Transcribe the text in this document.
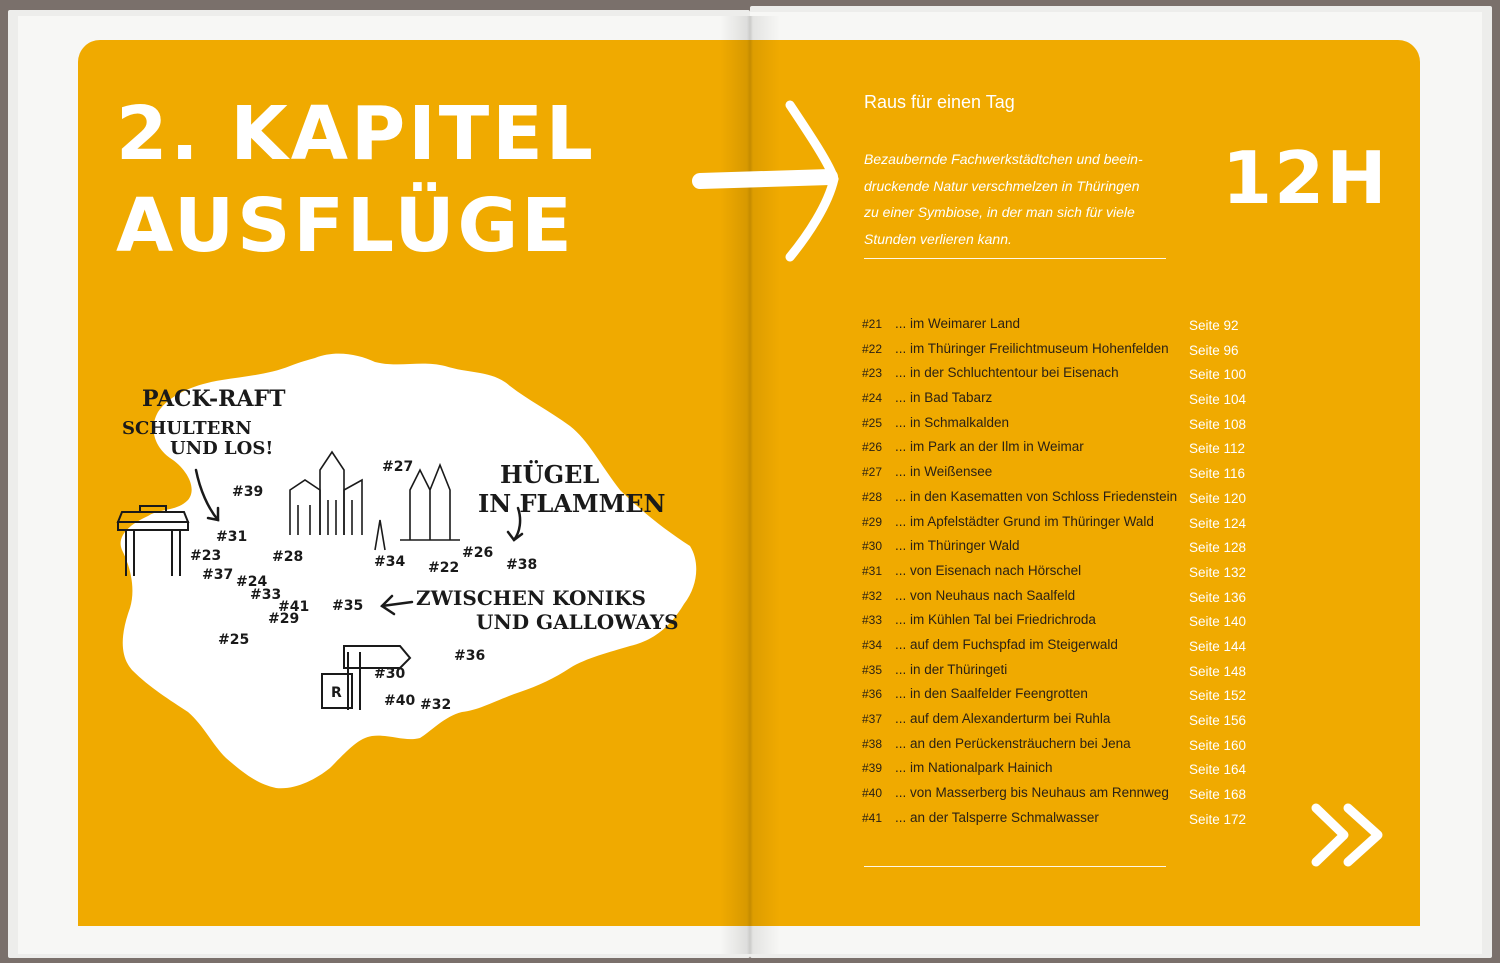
2. KAPITEL
AUSFLÜGE
R
PACK-RAFT
SCHULTERN
UND LOS!
HÜGEL
IN FLAMMEN
ZWISCHEN KONIKS
UND GALLOWAYS
#39
#31
#23
#37 #24
#33
#41
#29
#25
#28
#27
#34 #22
#26
#38
#35
#36
#30
#40 #32
Raus für einen Tag
Bezaubernde Fachwerkstädtchen und beein-
druckende Natur verschmelzen in Thüringen
zu einer Symbiose, in der man sich für viele
Stunden verlieren kann.
12H
#21 ... im Weimarer Land	Seite 92
#22 ... im Thüringer Freilichtmuseum Hohenfelden Seite 96
#23 ... in der Schluchtentour bei Eisenach	Seite 100
#24 ... in Bad Tabarz	Seite 104
#25 ... in Schmalkalden	Seite 108
#26 ... im Park an der Ilm in Weimar	Seite 112
#27 ... in Weißensee	Seite 116
#28 ... in den Kasematten von Schloss Friedenstein Seite 120
#29 ... im Apfelstädter Grund im Thüringer Wald	Seite 124
#30 ... im Thüringer Wald	Seite 128
#31 ... von Eisenach nach Hörschel	Seite 132
#32 ... von Neuhaus nach Saalfeld	Seite 136
#33 ... im Kühlen Tal bei Friedrichroda	Seite 140
#34 ... auf dem Fuchspfad im Steigerwald	Seite 144
#35 ... in der Thüringeti	Seite 148
#36 ... in den Saalfelder Feengrotten	Seite 152
#37 ... auf dem Alexanderturm bei Ruhla	Seite 156
#38 ... an den Perückensträuchern bei Jena	Seite 160
#39 ... im Nationalpark Hainich	Seite 164
#40 ... von Masserberg bis Neuhaus am Rennweg Seite 168
#41 ... an der Talsperre Schmalwasser	Seite 172
